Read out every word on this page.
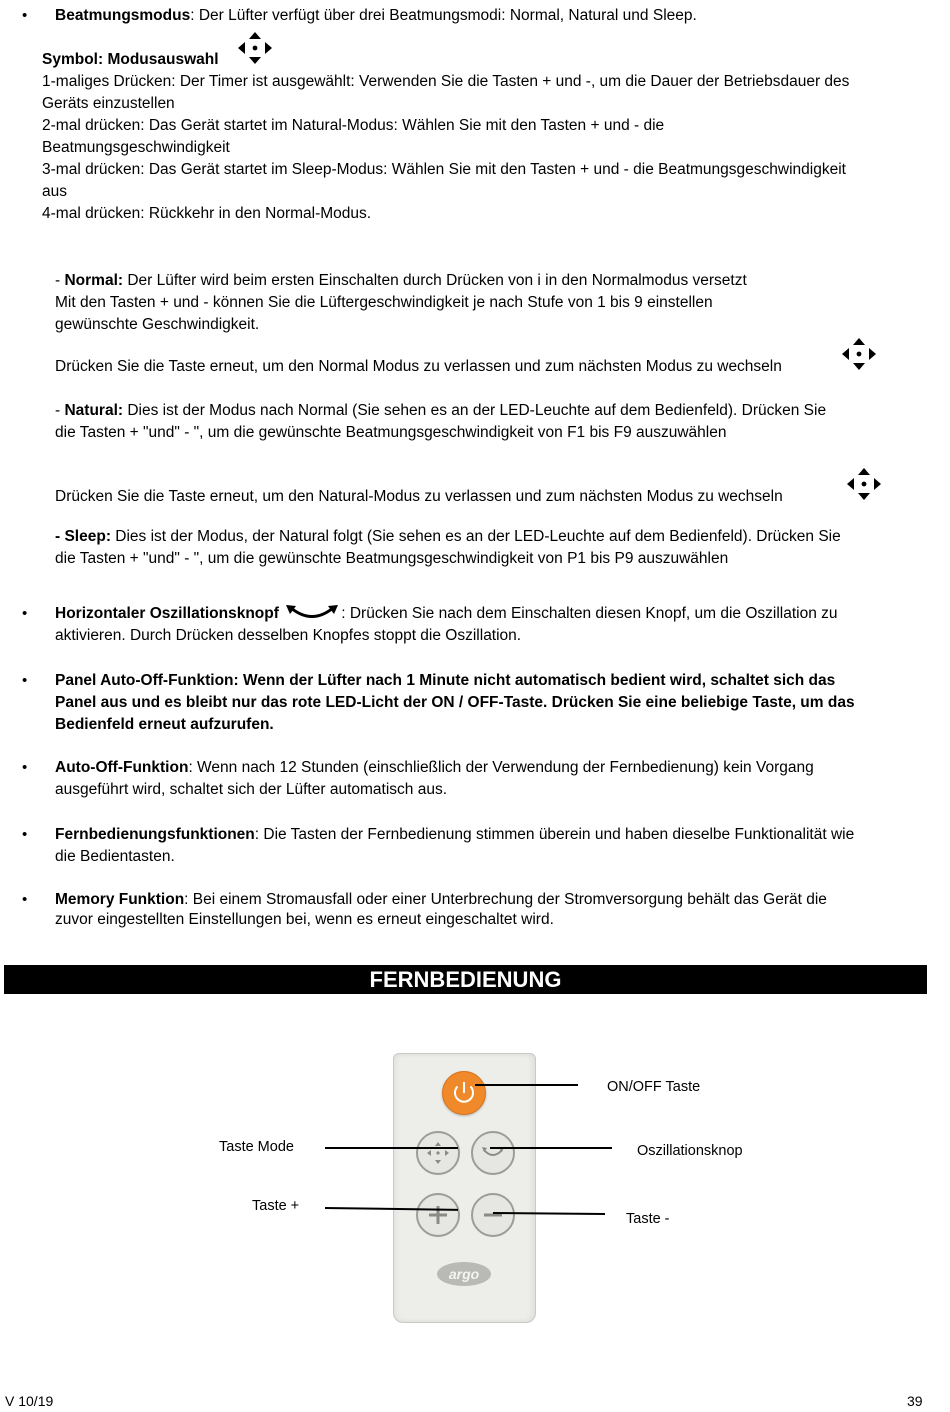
• Beatmungsmodus: Der Lüfter verfügt über drei Beatmungsmodi: Normal, Natural und Sleep.
Symbol: Modusauswahl
1-maliges Drücken: Der Timer ist ausgewählt: Verwenden Sie die Tasten + und -, um die Dauer der Betriebsdauer des
Geräts einzustellen
2-mal drücken: Das Gerät startet im Natural-Modus: Wählen Sie mit den Tasten + und - die
Beatmungsgeschwindigkeit
3-mal drücken: Das Gerät startet im Sleep-Modus: Wählen Sie mit den Tasten + und - die Beatmungsgeschwindigkeit
aus
4-mal drücken: Rückkehr in den Normal-Modus.
- Normal: Der Lüfter wird beim ersten Einschalten durch Drücken von i in den Normalmodus versetzt
Mit den Tasten + und - können Sie die Lüftergeschwindigkeit je nach Stufe von 1 bis 9 einstellen
gewünschte Geschwindigkeit.
Drücken Sie die Taste erneut, um den Normal Modus zu verlassen und zum nächsten Modus zu wechseln
- Natural: Dies ist der Modus nach Normal (Sie sehen es an der LED-Leuchte auf dem Bedienfeld). Drücken Sie
die Tasten + "und" - ", um die gewünschte Beatmungsgeschwindigkeit von F1 bis F9 auszuwählen
Drücken Sie die Taste erneut, um den Natural-Modus zu verlassen und zum nächsten Modus zu wechseln
- Sleep: Dies ist der Modus, der Natural folgt (Sie sehen es an der LED-Leuchte auf dem Bedienfeld). Drücken Sie
die Tasten + "und" - ", um die gewünschte Beatmungsgeschwindigkeit von P1 bis P9 auszuwählen
• Horizontaler Oszillationsknopf	: Drücken Sie nach dem Einschalten diesen Knopf, um die Oszillation zu
aktivieren. Durch Drücken desselben Knopfes stoppt die Oszillation.
• Panel Auto-Off-Funktion: Wenn der Lüfter nach 1 Minute nicht automatisch bedient wird, schaltet sich das
Panel aus und es bleibt nur das rote LED-Licht der ON / OFF-Taste. Drücken Sie eine beliebige Taste, um das
Bedienfeld erneut aufzurufen.
• Auto-Off-Funktion: Wenn nach 12 Stunden (einschließlich der Verwendung der Fernbedienung) kein Vorgang
ausgeführt wird, schaltet sich der Lüfter automatisch aus.
• Fernbedienungsfunktionen: Die Tasten der Fernbedienung stimmen überein und haben dieselbe Funktionalität wie
die Bedientasten.
• Memory Funktion: Bei einem Stromausfall oder einer Unterbrechung der Stromversorgung behält das Gerät die
zuvor eingestellten Einstellungen bei, wenn es erneut eingeschaltet wird.
FERNBEDIENUNG
argo
ON/OFF Taste
Taste Mode	Oszillationsknop
Taste +
Taste -
V 10/19	39
